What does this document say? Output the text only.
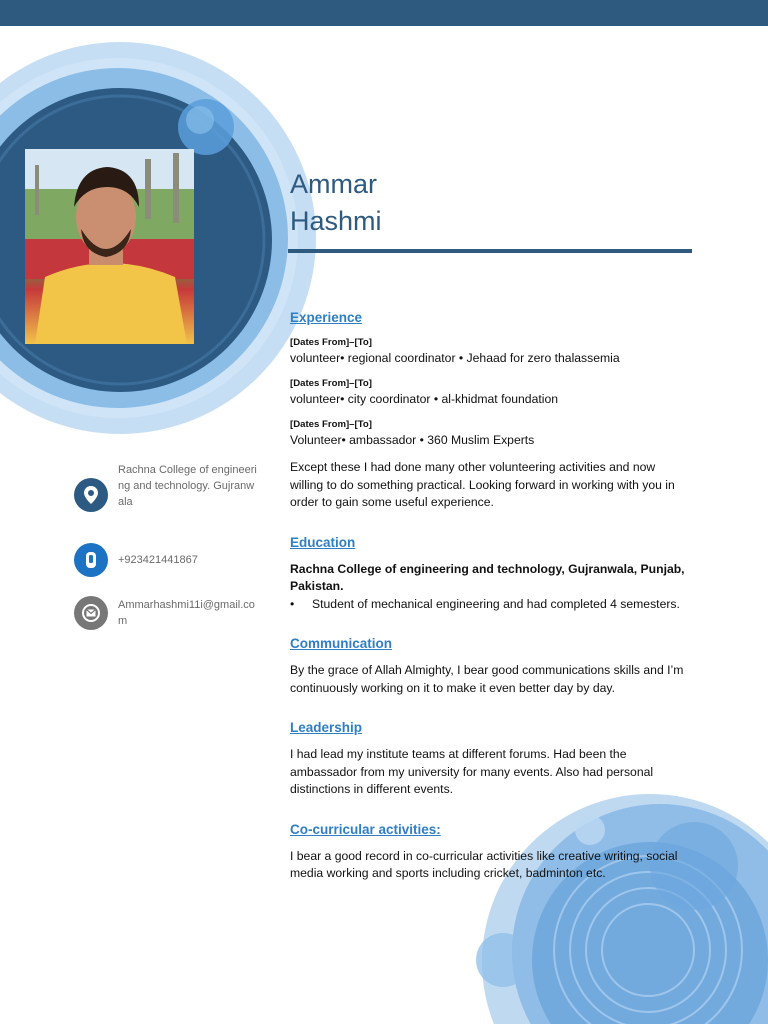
Ammar
Hashmi
Experience
[Dates From]–[To]
volunteer• regional coordinator • Jehaad for zero thalassemia
[Dates From]–[To]
volunteer• city coordinator • al-khidmat foundation
[Dates From]–[To]
Volunteer• ambassador • 360 Muslim Experts

Except these I had done many other volunteering activities and now willing to do something practical. Looking forward in working with you in order to gain some useful experience.

Education

Rachna College of engineering and technology, Gujranwala, Punjab, Pakistan.

• Student of mechanical engineering and had completed 4 semesters.
Communication

By the grace of Allah Almighty, I bear good communications skills and I’m continuously working on it to make it even better day by day.

Leadership

I had lead my institute teams at different forums. Had been the ambassador from my university for many events. Also had personal distinctions in different events.

Co-curricular activities:

I bear a good record in co-curricular activities like creative writing, social media working and sports including cricket, badminton etc.

Rachna College of engineering and technology. Gujranwala
+923421441867
Ammarhashmi11i@gmail.com
